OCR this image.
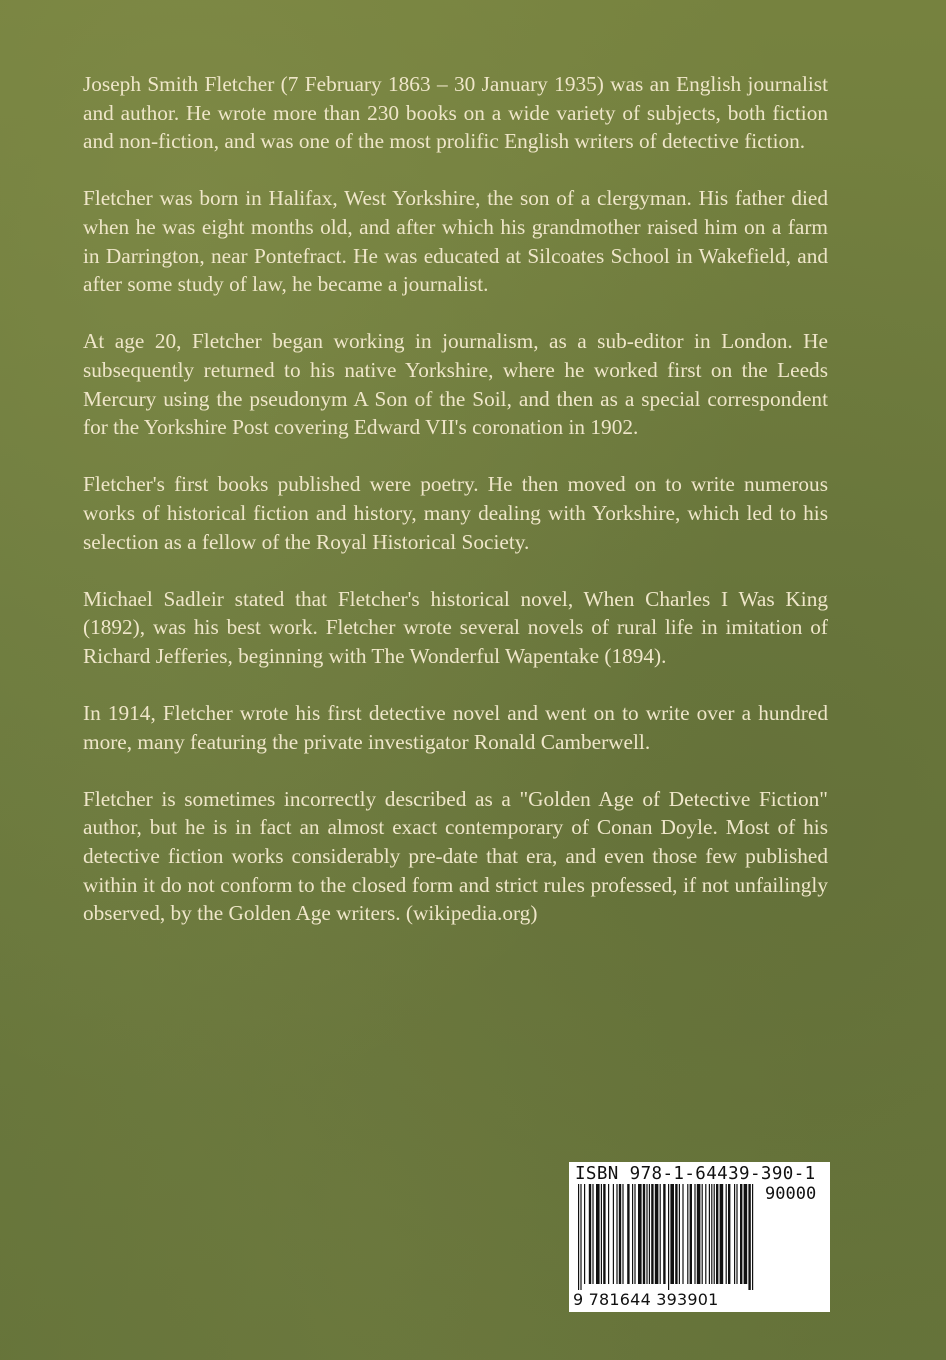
Joseph Smith Fletcher (7 February 1863 – 30 January 1935) was an English journalist and author. He wrote more than 230 books on a wide variety of subjects, both fiction and non-fiction, and was one of the most prolific English writers of detective fiction.

Fletcher was born in Halifax, West Yorkshire, the son of a clergyman. His father died when he was eight months old, and after which his grandmother raised him on a farm in Darrington, near Pontefract. He was educated at Silcoates School in Wakefield, and after some study of law, he became a journalist.

At age 20, Fletcher began working in journalism, as a sub-editor in London. He subsequently returned to his native Yorkshire, where he worked first on the Leeds Mercury using the pseudonym A Son of the Soil, and then as a special correspondent for the Yorkshire Post covering Edward VII's coronation in 1902.

Fletcher's first books published were poetry. He then moved on to write numerous works of historical fiction and history, many dealing with Yorkshire, which led to his selection as a fellow of the Royal Historical Society.

Michael Sadleir stated that Fletcher's historical novel, When Charles I Was King (1892), was his best work. Fletcher wrote several novels of rural life in imitation of Richard Jefferies, beginning with The Wonderful Wapentake (1894).

In 1914, Fletcher wrote his first detective novel and went on to write over a hundred more, many featuring the private investigator Ronald Camberwell.

Fletcher is sometimes incorrectly described as a "Golden Age of Detective Fiction" author, but he is in fact an almost exact contemporary of Conan Doyle. Most of his detective fiction works considerably pre-date that era, and even those few published within it do not conform to the closed form and strict rules professed, if not unfailingly observed, by the Golden Age writers. (wikipedia.org)

ISBN 978-1-64439-390-1
90000
9 781644 393901
